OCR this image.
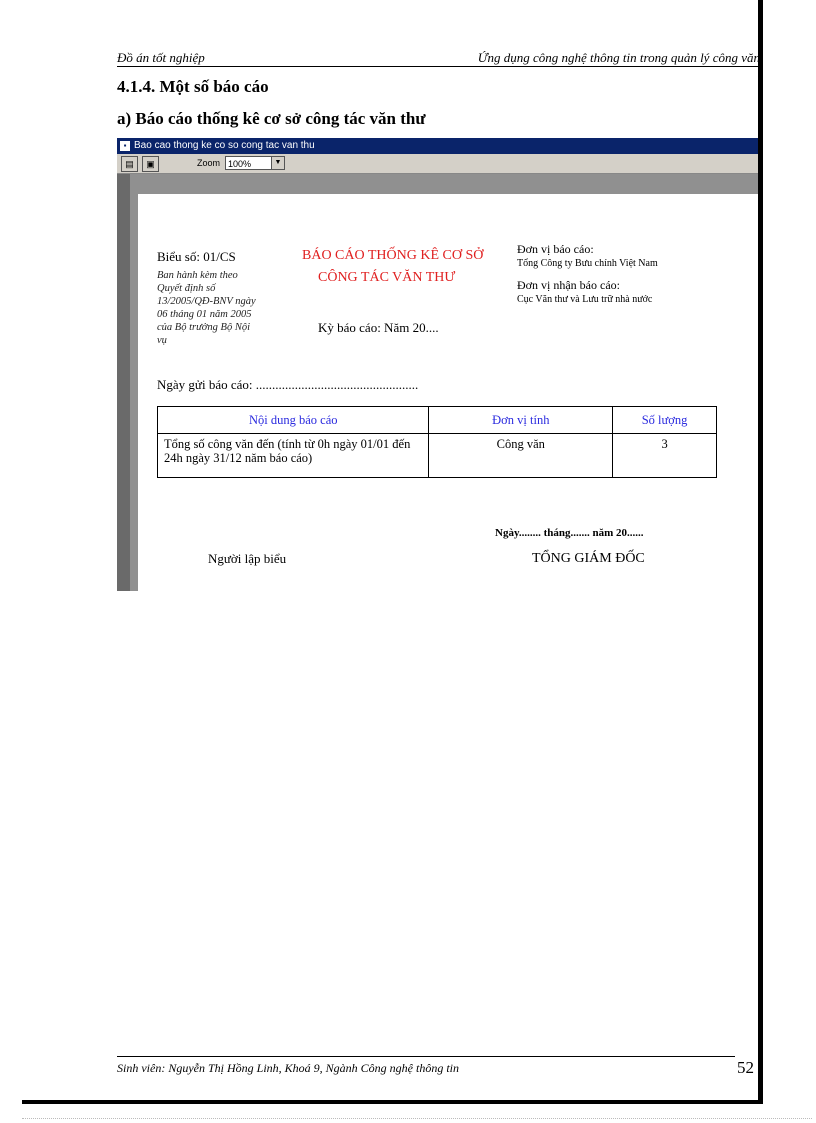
Đồ án tốt nghiệp	Ứng dụng công nghệ thông tin trong quản lý công văn
4.1.4. Một số báo cáo
a) Báo cáo thống kê cơ sở công tác văn thư
▪ Bao cao thong ke co so cong tac van thu
▤	▣	Zoom 100%	▼
Biểu số: 01/CS
Ban hành kèm theo Quyết định số 13/2005/QĐ-BNV ngày 06 tháng 01 năm 2005 của Bộ trưởng Bộ Nội vụ
BÁO CÁO THỐNG KÊ CƠ SỞ
CÔNG TÁC VĂN THƯ
Kỳ báo cáo: Năm 20....
Đơn vị báo cáo:
Tổng Công ty Bưu chính Việt Nam
Đơn vị nhận báo cáo:
Cục Văn thư và Lưu trữ nhà nước
Ngày gửi báo cáo: ..................................................
Nội dung báo cáo	Đơn vị tính	Số lượng
Tổng số công văn đến (tính từ 0h ngày 01/01 đến 24h ngày 31/12 năm báo cáo)	Công văn	3
Ngày........ tháng....... năm 20......
Người lập biểu	TỔNG GIÁM ĐỐC
Sinh viên: Nguyễn Thị Hồng Linh, Khoá 9, Ngành Công nghệ thông tin	52
